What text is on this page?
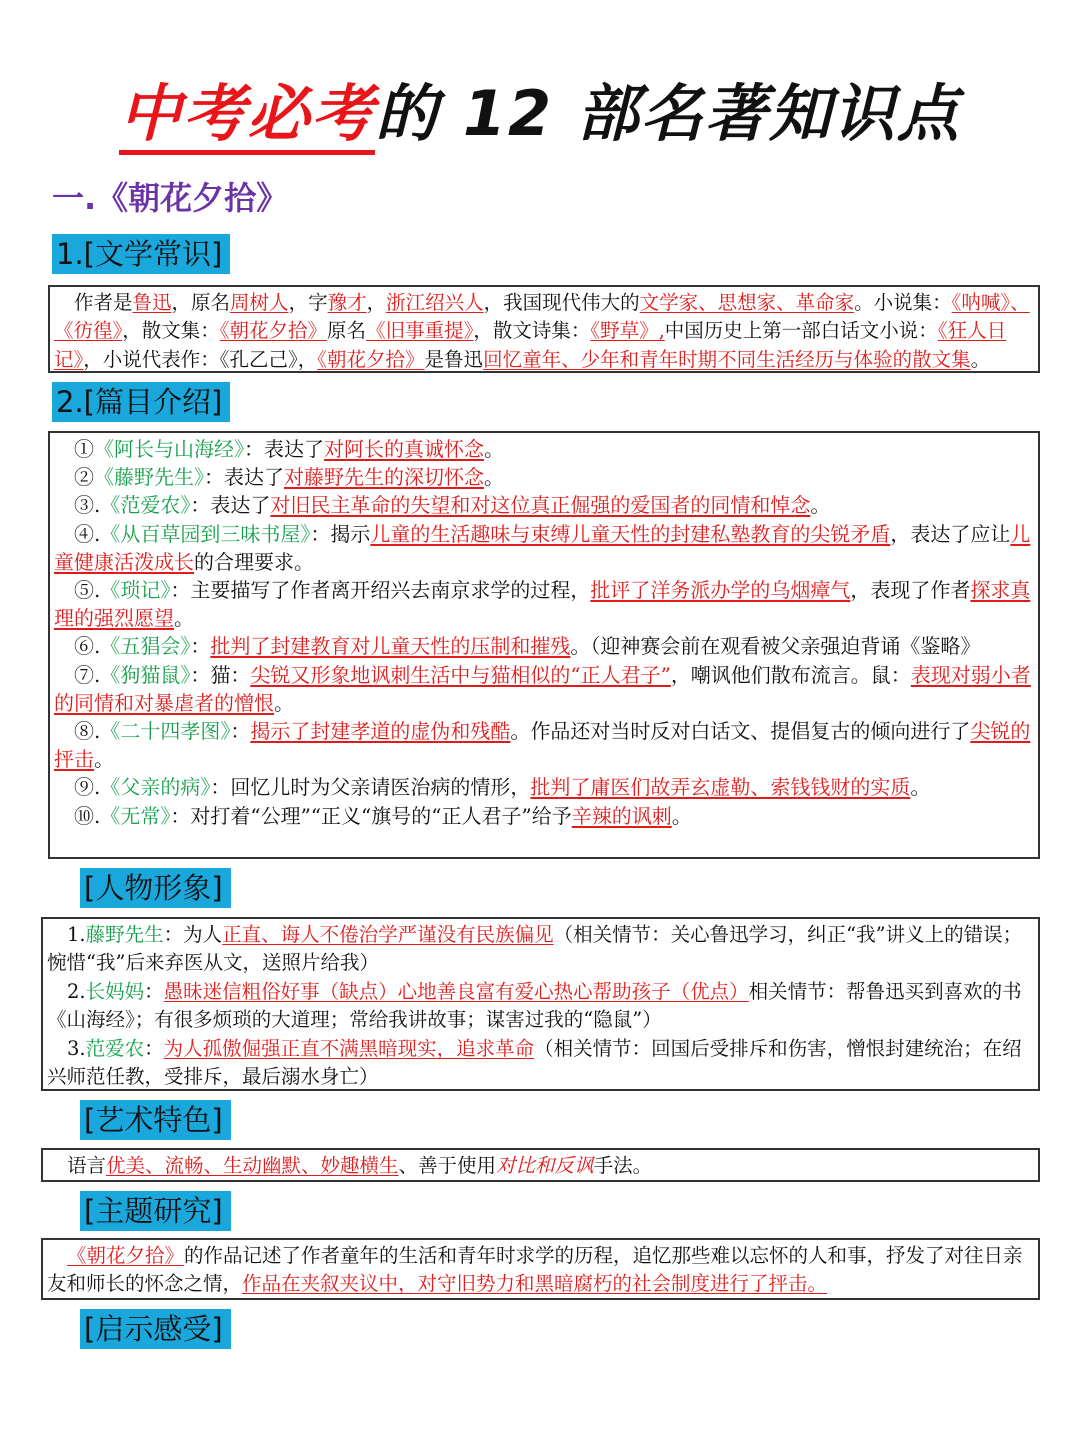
中考必考的 12 部名著知识点
一.《朝花夕拾》
1.[文学常识]

作者是鲁迅，原名周树人，字豫才，浙江绍兴人，我国现代伟大的文学家、思想家、革命家。小说集：《呐喊》、《彷徨》，散文集：《朝花夕拾》原名《旧事重提》，散文诗集：《野草》,中国历史上第一部白话文小说：《狂人日记》，小说代表作：《孔乙己》，《朝花夕拾》是鲁迅回忆童年、少年和青年时期不同生活经历与体验的散文集。

2.[篇目介绍]

①《阿长与山海经》：表达了对阿长的真诚怀念。

②《藤野先生》：表达了对藤野先生的深切怀念。

③.《范爱农》：表达了对旧民主革命的失望和对这位真正倔强的爱国者的同情和悼念。

④.《从百草园到三味书屋》：揭示儿童的生活趣味与束缚儿童天性的封建私塾教育的尖锐矛盾，表达了应让儿童健康活泼成长的合理要求。

⑤.《琐记》：主要描写了作者离开绍兴去南京求学的过程，批评了洋务派办学的乌烟瘴气，表现了作者探求真理的强烈愿望。

⑥.《五猖会》：批判了封建教育对儿童天性的压制和摧残。（迎神赛会前在观看被父亲强迫背诵《鉴略》

⑦.《狗猫鼠》：猫：尖锐又形象地讽刺生活中与猫相似的“正人君子”，嘲讽他们散布流言。鼠：表现对弱小者的同情和对暴虐者的憎恨。

⑧.《二十四孝图》：揭示了封建孝道的虚伪和残酷。作品还对当时反对白话文、提倡复古的倾向进行了尖锐的抨击。

⑨.《父亲的病》：回忆儿时为父亲请医治病的情形，批判了庸医们故弄玄虚勒、索钱钱财的实质。

⑩.《无常》：对打着“公理”“正义“旗号的“正人君子”给予辛辣的讽刺。

[人物形象]

1.藤野先生：为人正直、诲人不倦治学严谨没有民族偏见（相关情节：关心鲁迅学习，纠正“我”讲义上的错误；惋惜“我”后来弃医从文，送照片给我）

2.长妈妈：愚昧迷信粗俗好事（缺点）心地善良富有爱心热心帮助孩子（优点）相关情节：帮鲁迅买到喜欢的书《山海经》；有很多烦琐的大道理；常给我讲故事；谋害过我的“隐鼠”）

3.范爱农：为人孤傲倔强正直不满黑暗现实，追求革命（相关情节：回国后受排斥和伤害，憎恨封建统治；在绍兴师范任教，受排斥，最后溺水身亡）

[艺术特色]

语言优美、流畅、生动幽默、妙趣横生、善于使用对比和反讽手法。

[主题研究]

《朝花夕拾》的作品记述了作者童年的生活和青年时求学的历程，追忆那些难以忘怀的人和事，抒发了对往日亲友和师长的怀念之情，作品在夹叙夹议中，对守旧势力和黑暗腐朽的社会制度进行了抨击。

[启示感受]
